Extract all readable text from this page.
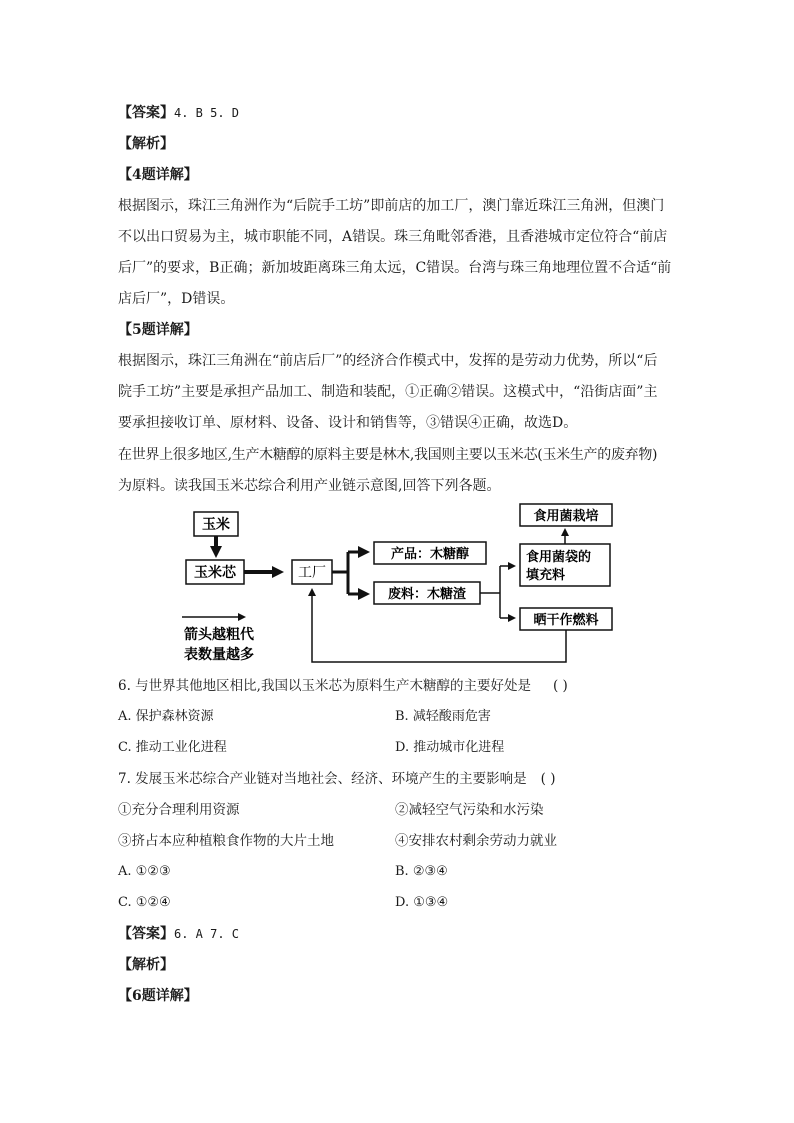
【答案】4. B 5. D
【解析】
【4题详解】
根据图示，珠江三角洲作为“后院手工坊”即前店的加工厂，澳门靠近珠江三角洲，但澳门
不以出口贸易为主，城市职能不同，A错误。珠三角毗邻香港，且香港城市定位符合“前店
后厂”的要求，B正确；新加坡距离珠三角太远，C错误。台湾与珠三角地理位置不合适“前
店后厂”，D错误。
【5题详解】
根据图示，珠江三角洲在“前店后厂”的经济合作模式中，发挥的是劳动力优势，所以“后
院手工坊”主要是承担产品加工、制造和装配，①正确②错误。这模式中，“沿街店面”主
要承担接收订单、原材料、设备、设计和销售等，③错误④正确，故选D。
在世界上很多地区,生产木糖醇的原料主要是林木,我国则主要以玉米芯(玉米生产的废弃物)
为原料。读我国玉米芯综合利用产业链示意图,回答下列各题。
玉米
玉米芯	工厂
产品：木糖醇
废料：木糖渣
食用菌栽培
食用菌袋的
填充料
晒干作燃料
箭头越粗代
表数量越多
6. 与世界其他地区相比,我国以玉米芯为原料生产木糖醇的主要好处是 ( )
A. 保护森林资源	B. 减轻酸雨危害
C. 推动工业化进程	D. 推动城市化进程
7. 发展玉米芯综合产业链对当地社会、经济、环境产生的主要影响是 ( )
①充分合理利用资源	②减轻空气污染和水污染
③挤占本应种植粮食作物的大片土地	④安排农村剩余劳动力就业
A. ①②③	B. ②③④
C. ①②④	D. ①③④
【答案】6. A 7. C
【解析】
【6题详解】
